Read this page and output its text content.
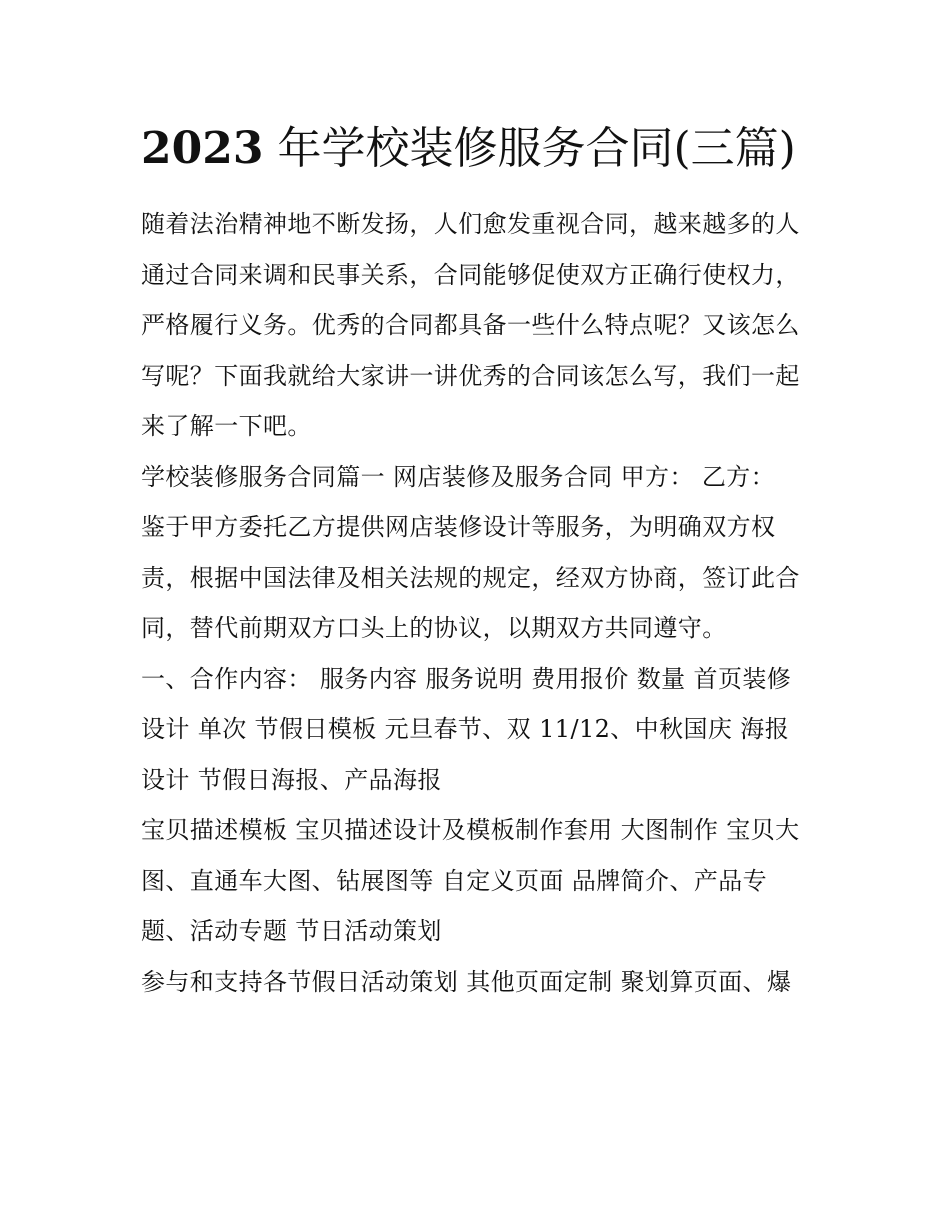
2023 年学校装修服务合同(三篇)

随着法治精神地不断发扬，人们愈发重视合同，越来越多的人通过合同来调和民事关系，合同能够促使双方正确行使权力，严格履行义务。优秀的合同都具备一些什么特点呢？又该怎么写呢？下面我就给大家讲一讲优秀的合同该怎么写，我们一起来了解一下吧。

学校装修服务合同篇一 网店装修及服务合同 甲方： 乙方：

鉴于甲方委托乙方提供网店装修设计等服务，为明确双方权责，根据中国法律及相关法规的规定，经双方协商，签订此合同，替代前期双方口头上的协议，以期双方共同遵守。

一、合作内容： 服务内容 服务说明 费用报价 数量 首页装修设计 单次 节假日模板 元旦春节、双 11/12、中秋国庆 海报设计 节假日海报、产品海报

宝贝描述模板 宝贝描述设计及模板制作套用 大图制作 宝贝大图、直通车大图、钻展图等 自定义页面 品牌简介、产品专题、活动专题 节日活动策划

参与和支持各节假日活动策划 其他页面定制 聚划算页面、爆
